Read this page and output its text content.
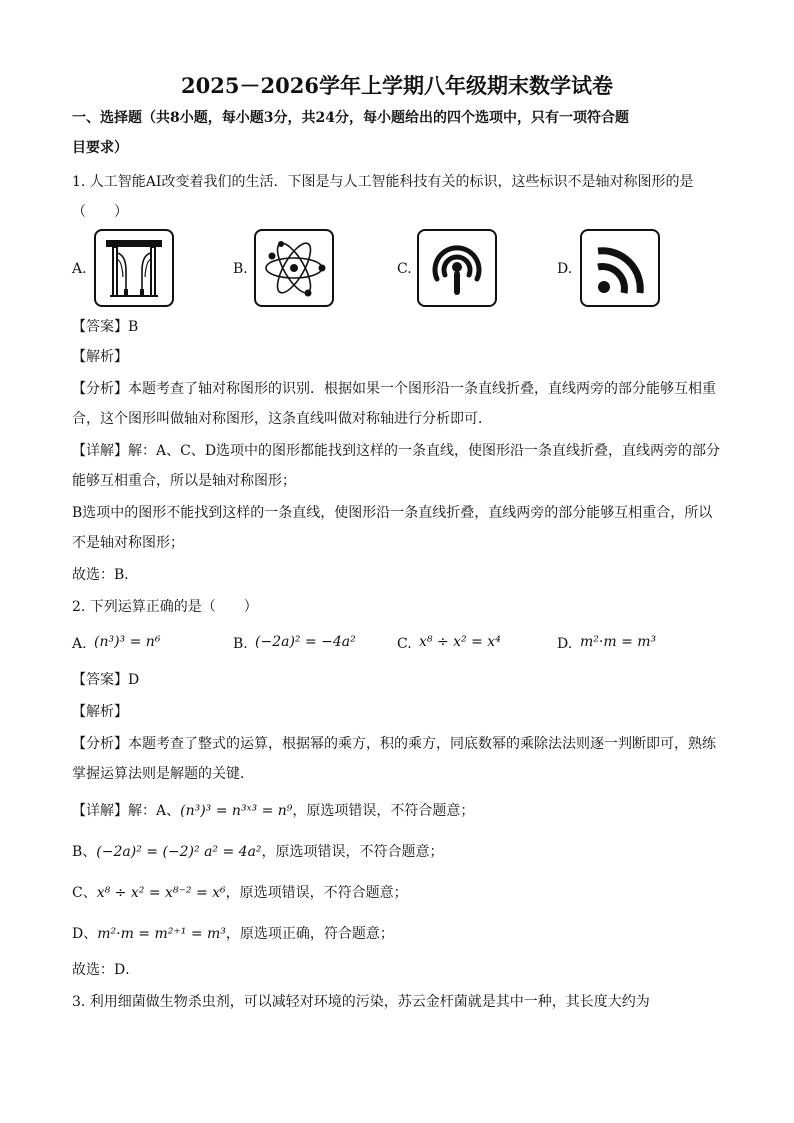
2025－2026学年上学期八年级期末数学试卷
一、选择题（共8小题，每小题3分，共24分，每小题给出的四个选项中，只有一项符合题
目要求）
1. 人工智能AI改变着我们的生活．下图是与人工智能科技有关的标识，这些标识不是轴对称图形的是
（　　）
A.	B.	C.	D.
【答案】B
【解析】
【分析】本题考查了轴对称图形的识别．根据如果一个图形沿一条直线折叠，直线两旁的部分能够互相重
合，这个图形叫做轴对称图形，这条直线叫做对称轴进行分析即可．
【详解】解：A、C、D选项中的图形都能找到这样的一条直线，使图形沿一条直线折叠，直线两旁的部分
能够互相重合，所以是轴对称图形；
B选项中的图形不能找到这样的一条直线，使图形沿一条直线折叠，直线两旁的部分能够互相重合，所以
不是轴对称图形；
故选：B．
2. 下列运算正确的是（　　）
A. (n³)³ = n⁶	B. (−2a)² = −4a²	C. x⁸ ÷ x² = x⁴	D. m²·m = m³
【答案】D
【解析】
【分析】本题考查了整式的运算，根据幂的乘方，积的乘方，同底数幂的乘除法法则逐一判断即可，熟练
掌握运算法则是解题的关键．
【详解】解：A、(n³)³ = n³ˣ³ = n⁹，原选项错误，不符合题意；
B、(−2a)² = (−2)² a² = 4a²，原选项错误，不符合题意；
C、x⁸ ÷ x² = x⁸⁻² = x⁶，原选项错误，不符合题意；
D、m²·m = m²⁺¹ = m³，原选项正确，符合题意；
故选：D．
3. 利用细菌做生物杀虫剂，可以减轻对环境的污染，苏云金杆菌就是其中一种，其长度大约为
